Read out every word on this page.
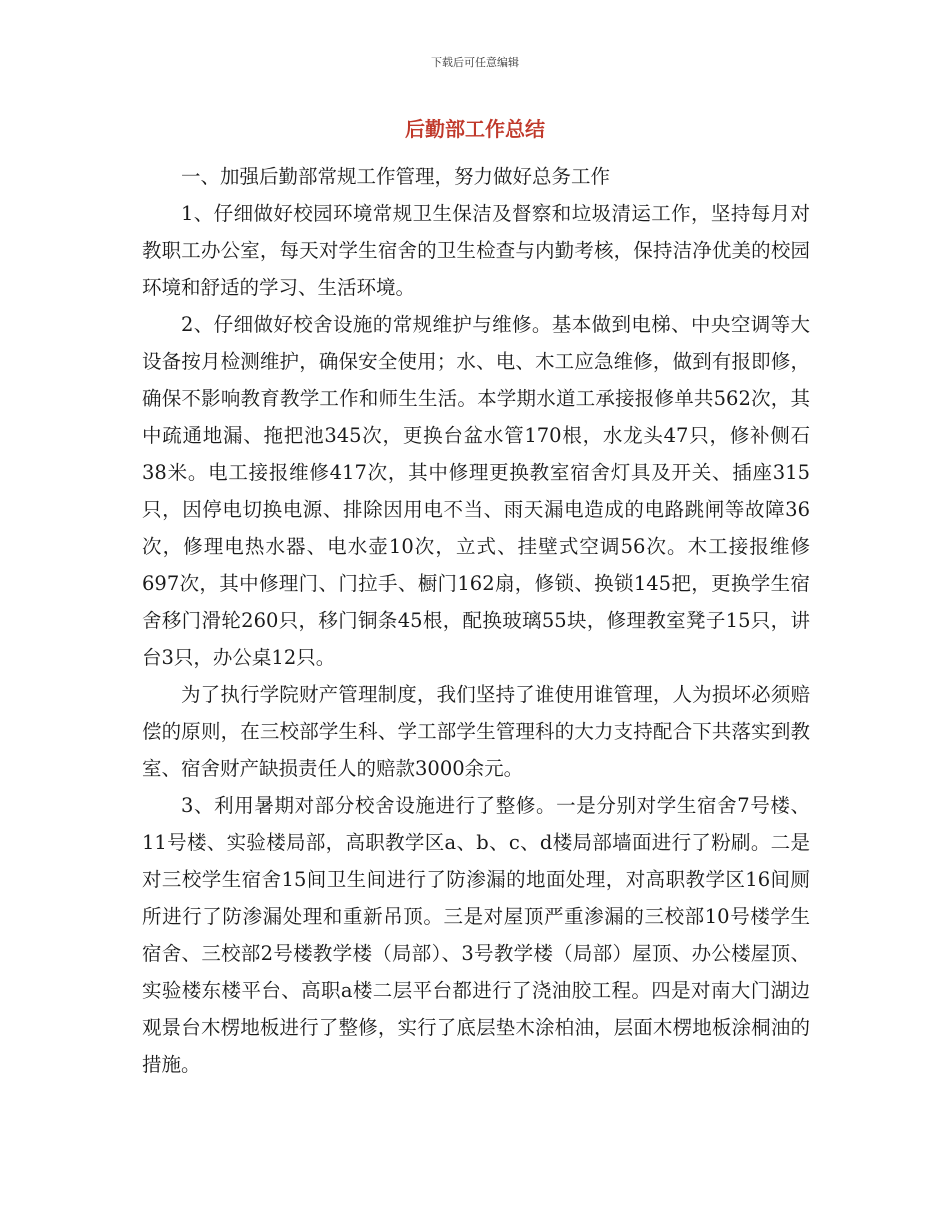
下载后可任意编辑
后勤部工作总结

一、加强后勤部常规工作管理，努力做好总务工作

1、仔细做好校园环境常规卫生保洁及督察和垃圾清运工作，坚持每月对教职工办公室，每天对学生宿舍的卫生检查与内勤考核，保持洁净优美的校园环境和舒适的学习、生活环境。

2、仔细做好校舍设施的常规维护与维修。基本做到电梯、中央空调等大设备按月检测维护，确保安全使用；水、电、木工应急维修，做到有报即修，确保不影响教育教学工作和师生生活。本学期水道工承接报修单共562次，其中疏通地漏、拖把池345次，更换台盆水管170根，水龙头47只，修补侧石38米。电工接报维修417次，其中修理更换教室宿舍灯具及开关、插座315只，因停电切换电源、排除因用电不当、雨天漏电造成的电路跳闸等故障36次，修理电热水器、电水壶10次，立式、挂壁式空调56次。木工接报维修697次，其中修理门、门拉手、橱门162扇，修锁、换锁145把，更换学生宿舍移门滑轮260只，移门铜条45根，配换玻璃55块，修理教室凳子15只，讲台3只，办公桌12只。

为了执行学院财产管理制度，我们坚持了谁使用谁管理，人为损坏必须赔偿的原则，在三校部学生科、学工部学生管理科的大力支持配合下共落实到教室、宿舍财产缺损责任人的赔款3000余元。

3、利用暑期对部分校舍设施进行了整修。一是分别对学生宿舍7号楼、11号楼、实验楼局部，高职教学区a、b、c、d楼局部墙面进行了粉刷。二是对三校学生宿舍15间卫生间进行了防渗漏的地面处理，对高职教学区16间厕所进行了防渗漏处理和重新吊顶。三是对屋顶严重渗漏的三校部10号楼学生宿舍、三校部2号楼教学楼（局部）、3号教学楼（局部）屋顶、办公楼屋顶、实验楼东楼平台、高职a楼二层平台都进行了浇油胶工程。四是对南大门湖边观景台木楞地板进行了整修，实行了底层垫木涂柏油，层面木楞地板涂桐油的措施。
